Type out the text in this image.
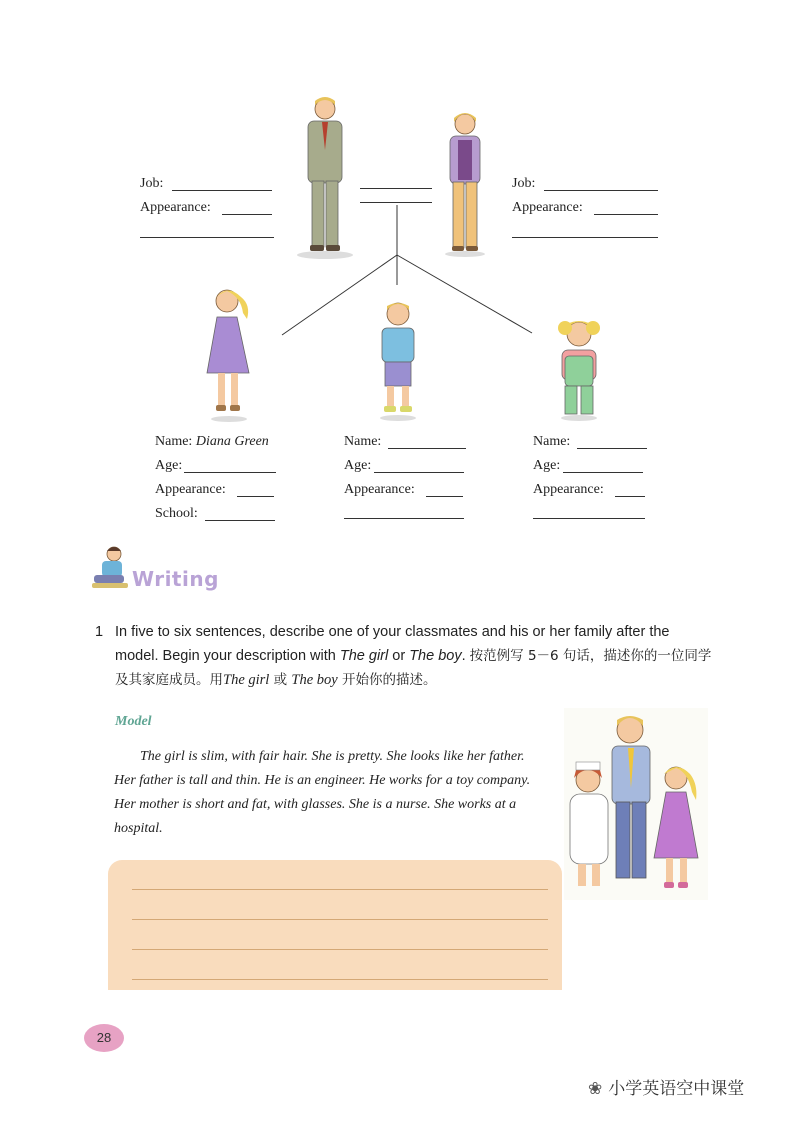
Job:
Appearance:
Job:
Appearance:
Name: Diana Green
Age:
Appearance:
School:
Name:
Age:
Appearance:
Name:
Age:
Appearance:
Writing
1 In five to six sentences, describe one of your classmates and his or her family after the model. Begin your description with The girl or The boy. 按范例写 5－6 句话，描述你的一位同学及其家庭成员。用The girl 或 The boy 开始你的描述。
Model
The girl is slim, with fair hair. She is pretty. She looks like her father. Her father is tall and thin. He is an engineer. He works for a toy company. Her mother is short and fat, with glasses. She is a nurse. She works at a hospital.
28
❀ 小学英语空中课堂
